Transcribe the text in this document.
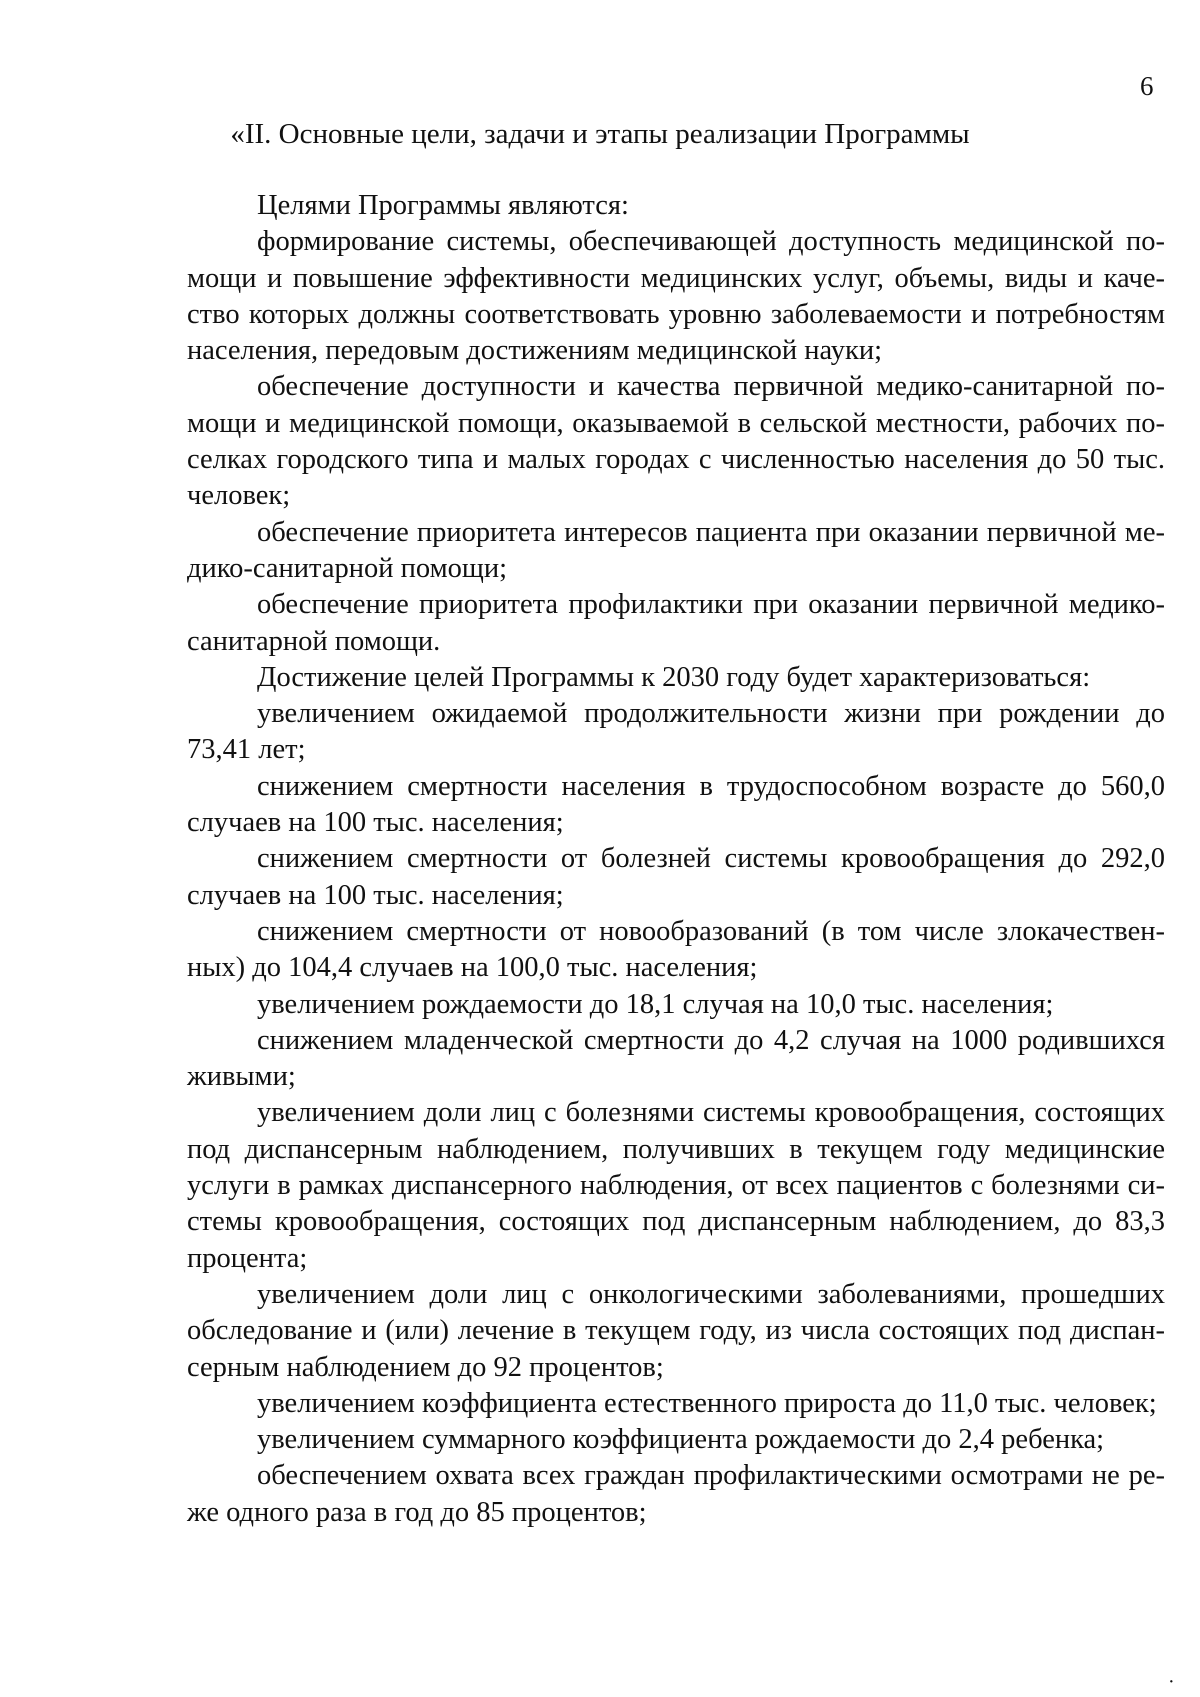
6
«II. Основные цели, задачи и этапы реализации Программы

Целями Программы являются:

формирование системы, обеспечивающей доступность медицинской помощи и повышение эффективности медицинских услуг, объемы, виды и качество которых должны соответствовать уровню заболеваемости и потребностям населения, передовым достижениям медицинской науки;

обеспечение доступности и качества первичной медико-санитарной помощи и медицинской помощи, оказываемой в сельской местности, рабочих поселках городского типа и малых городах с численностью населения до 50 тыс. человек;

обеспечение приоритета интересов пациента при оказании первичной медико-санитарной помощи;

обеспечение приоритета профилактики при оказании первичной медико-санитарной помощи.

Достижение целей Программы к 2030 году будет характеризоваться:

увеличением ожидаемой продолжительности жизни при рождении до 73,41 лет;

снижением смертности населения в трудоспособном возрасте до 560,0 случаев на 100 тыс. населения;

снижением смертности от болезней системы кровообращения до 292,0 случаев на 100 тыс. населения;

снижением смертности от новообразований (в том числе злокачественных) до 104,4 случаев на 100,0 тыс. населения;

увеличением рождаемости до 18,1 случая на 10,0 тыс. населения;

снижением младенческой смертности до 4,2 случая на 1000 родившихся живыми;

увеличением доли лиц с болезнями системы кровообращения, состоящих под диспансерным наблюдением, получивших в текущем году медицинские услуги в рамках диспансерного наблюдения, от всех пациентов с болезнями системы кровообращения, состоящих под диспансерным наблюдением, до 83,3 процента;

увеличением доли лиц с онкологическими заболеваниями, прошедших обследование и (или) лечение в текущем году, из числа состоящих под диспансерным наблюдением до 92 процентов;

увеличением коэффициента естественного прироста до 11,0 тыс. человек;

увеличением суммарного коэффициента рождаемости до 2,4 ребенка;

обеспечением охвата всех граждан профилактическими осмотрами не реже одного раза в год до 85 процентов;

·
